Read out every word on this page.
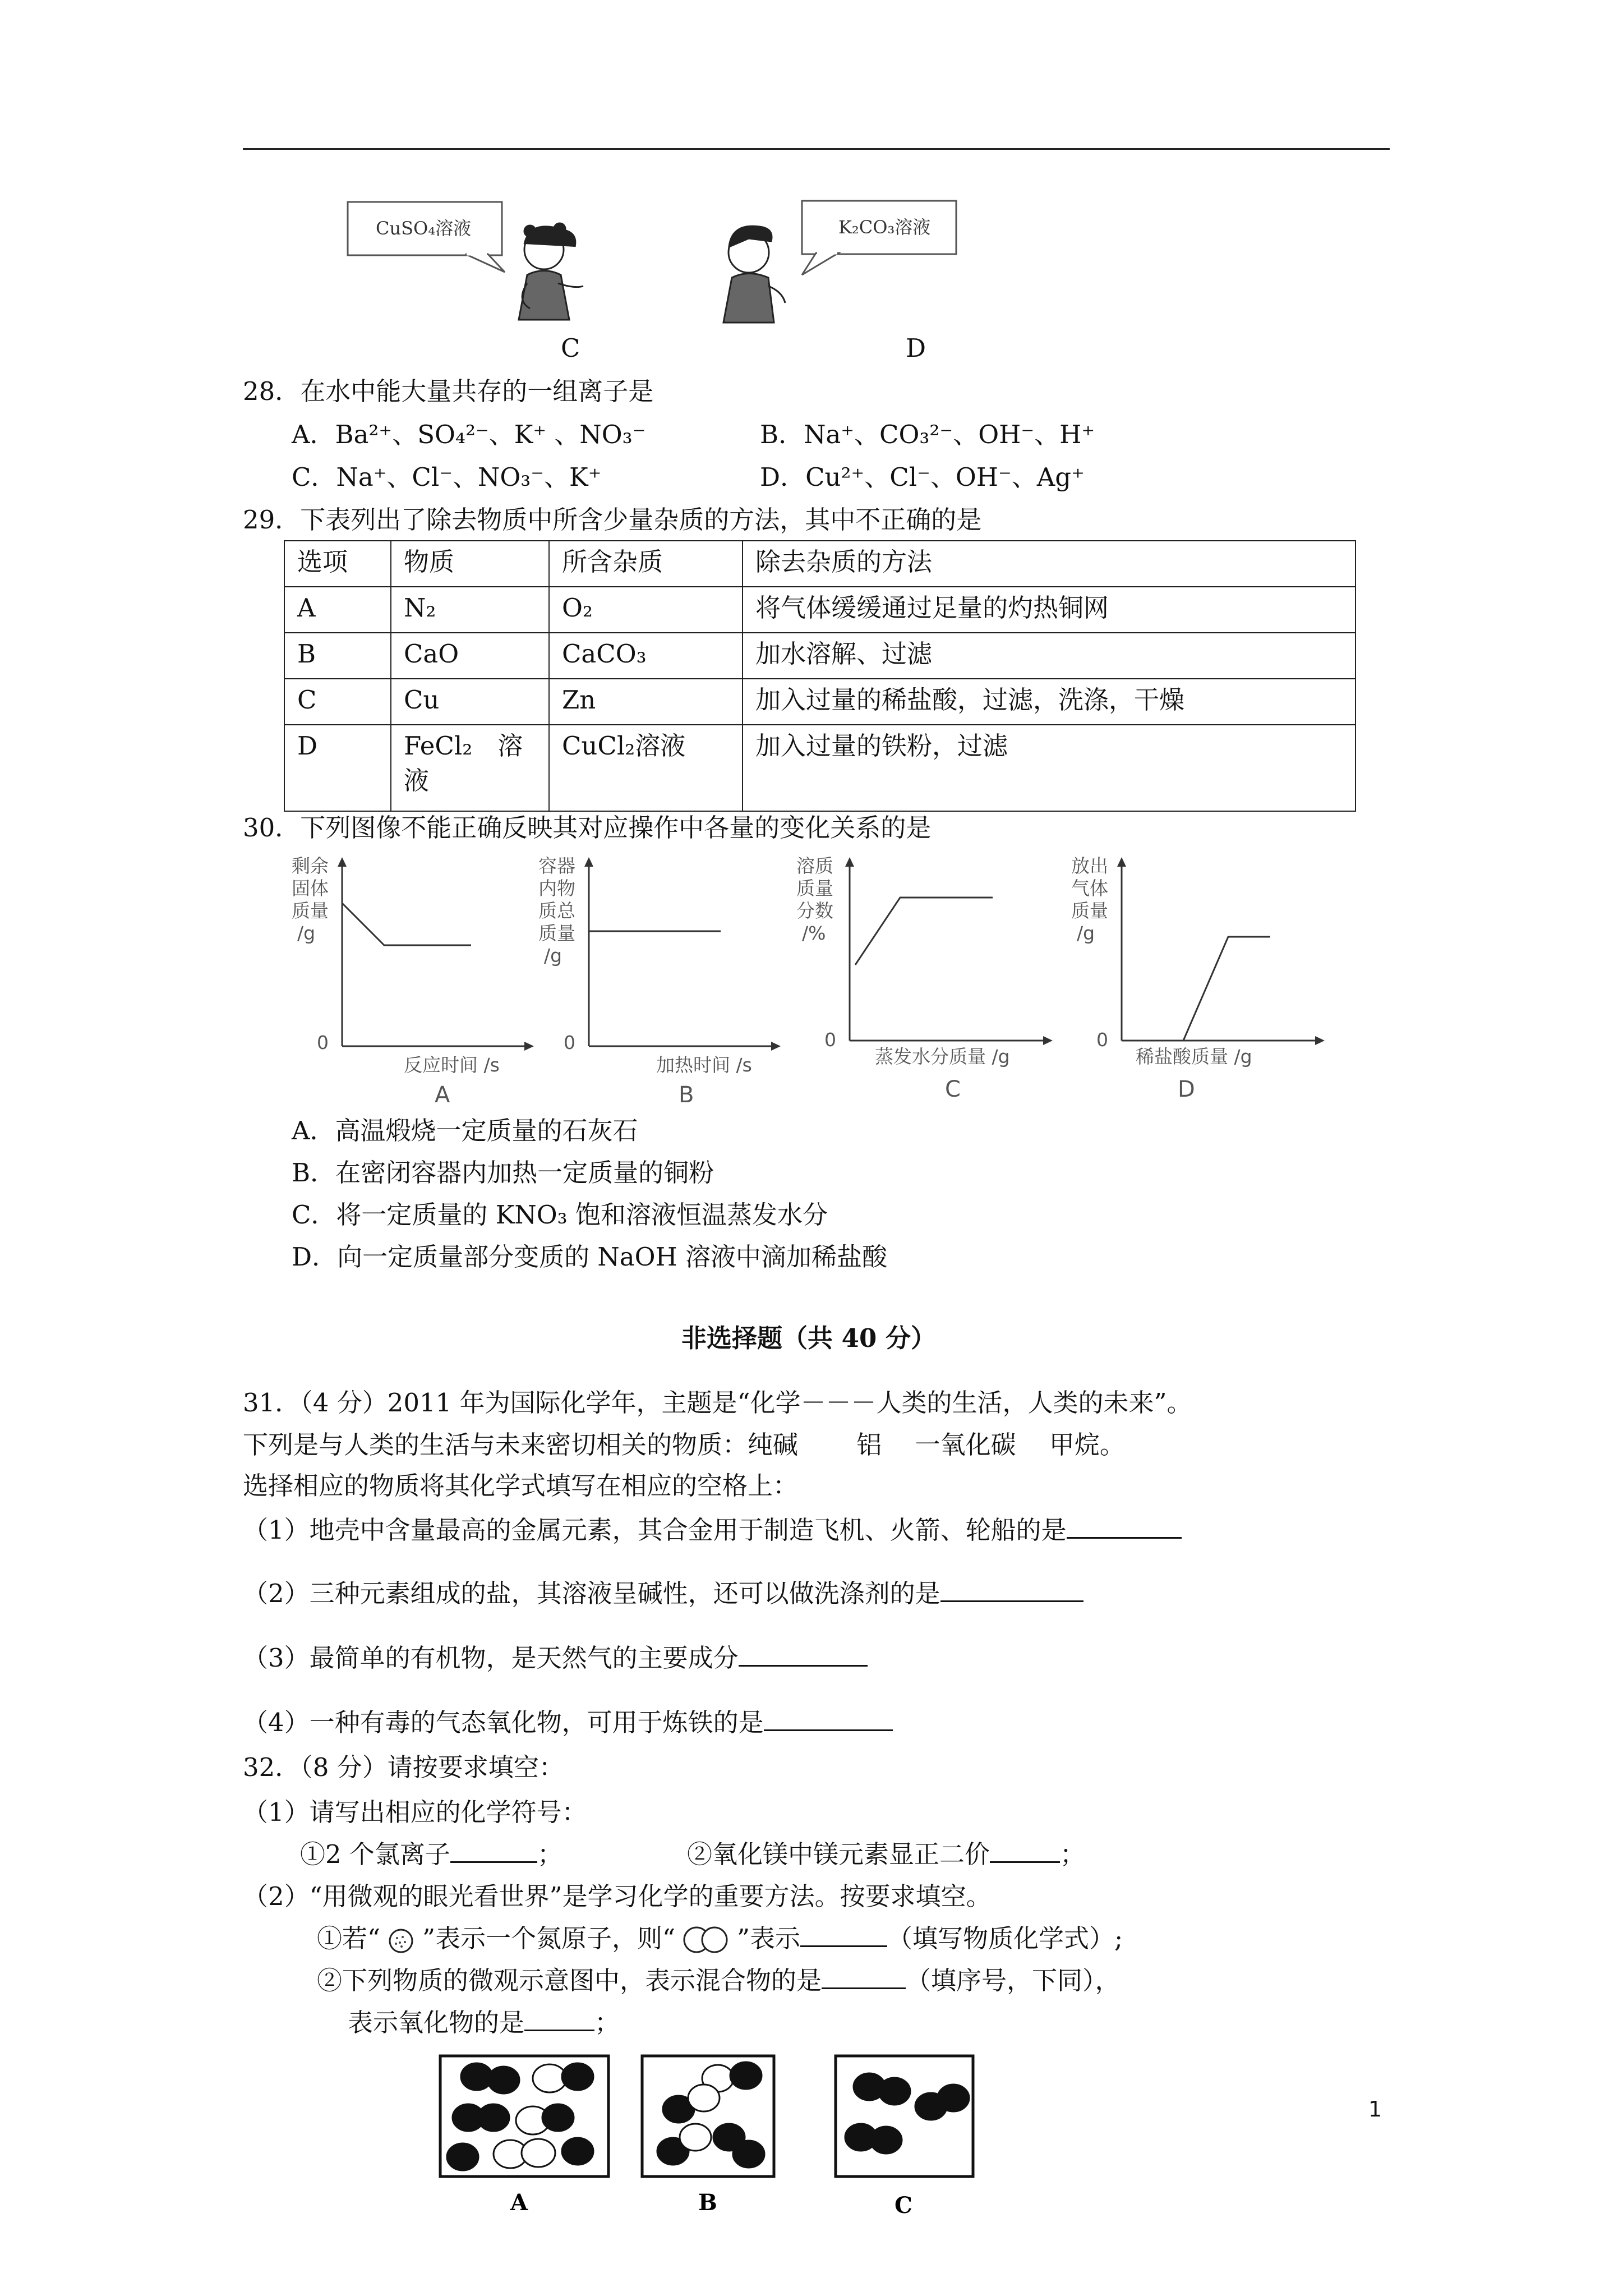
CuSO₄溶液	K₂CO₃溶液
C	D
28．在水中能大量共存的一组离子是
A．Ba²⁺、SO₄²⁻、K⁺ 、NO₃⁻	B．Na⁺、CO₃²⁻、OH⁻、H⁺
C．Na⁺、Cl⁻、NO₃⁻、K⁺	D．Cu²⁺、Cl⁻、OH⁻、Ag⁺
29．下表列出了除去物质中所含少量杂质的方法，其中不正确的是
选项	物质	所含杂质	除去杂质的方法
A	N₂	O₂	将气体缓缓通过足量的灼热铜网
B	CaO	CaCO₃	加水溶解、过滤
C	Cu	Zn	加入过量的稀盐酸，过滤，洗涤，干燥
D	FeCl₂　溶液	CuCl₂溶液	加入过量的铁粉，过滤
30．下列图像不能正确反映其对应操作中各量的变化关系的是
剩余
固体
质量
/g
0
反应时间 /s
A
容器
内物
质总
质量
/g
0
加热时间 /s
B
溶质
质量
分数
/%
0
蒸发水分质量 /g
C
放出
气体
质量
/g
0
稀盐酸质量 /g
D
A．高温煅烧一定质量的石灰石
B．在密闭容器内加热一定质量的铜粉
C．将一定质量的 KNO₃ 饱和溶液恒温蒸发水分
D．向一定质量部分变质的 NaOH 溶液中滴加稀盐酸
非选择题（共 40 分）
31．（4 分）2011 年为国际化学年，主题是“化学－－－人类的生活，人类的未来”。
下列是与人类的生活与未来密切相关的物质：纯碱　　 铝　 一氧化碳　 甲烷。
选择相应的物质将其化学式填写在相应的空格上：
（1）地壳中含量最高的金属元素，其合金用于制造飞机、火箭、轮船的是
（2）三种元素组成的盐，其溶液呈碱性，还可以做洗涤剂的是
（3）最简单的有机物，是天然气的主要成分
（4）一种有毒的气态氧化物，可用于炼铁的是
32．（8 分）请按要求填空：
（1）请写出相应的化学符号：
①2 个氯离子	；	②氧化镁中镁元素显正二价	；
（2）“用微观的眼光看世界”是学习化学的重要方法。按要求填空。
①若“ ”表示一个氮原子，则“ ”表示	（填写物质化学式）;
②下列物质的微观示意图中，表示混合物的是	（填序号，下同），
表示氧化物的是	；
A	B	C
1
